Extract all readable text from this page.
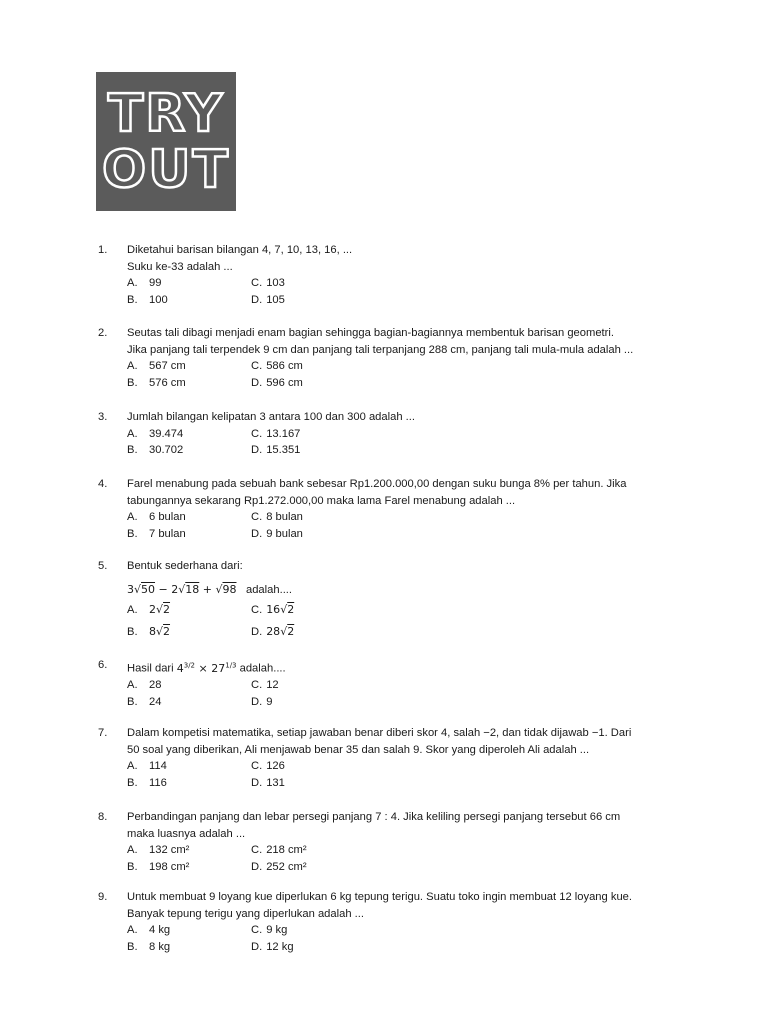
TRY
OUT
1. Diketahui barisan bilangan 4, 7, 10, 13, 16, ...
Suku ke-33 adalah ...
A. 99	C. 103
B. 100	D. 105
2. Seutas tali dibagi menjadi enam bagian sehingga bagian-bagiannya membentuk barisan geometri.
Jika panjang tali terpendek 9 cm dan panjang tali terpanjang 288 cm, panjang tali mula-mula adalah ...
A. 567 cm	C. 586 cm
B. 576 cm	D. 596 cm
3. Jumlah bilangan kelipatan 3 antara 100 dan 300 adalah ...
A. 39.474	C. 13.167
B. 30.702	D. 15.351
4. Farel menabung pada sebuah bank sebesar Rp1.200.000,00 dengan suku bunga 8% per tahun. Jika
tabungannya sekarang Rp1.272.000,00 maka lama Farel menabung adalah ...
A. 6 bulan	C. 8 bulan
B. 7 bulan	D. 9 bulan
5. Bentuk sederhana dari:
3√50 − 2√18 + √98 adalah....
A. 2√2	C. 16√2
B. 8√2	D. 28√2
6. Hasil dari $4^{3/2} \times 27^{1/3}$ adalah....
A. 28	C. 12
B. 24	D. 9
7. Dalam kompetisi matematika, setiap jawaban benar diberi skor 4, salah −2, dan tidak dijawab −1. Dari
50 soal yang diberikan, Ali menjawab benar 35 dan salah 9. Skor yang diperoleh Ali adalah ...
A. 114	C. 126
B. 116	D. 131
8. Perbandingan panjang dan lebar persegi panjang 7 : 4. Jika keliling persegi panjang tersebut 66 cm
maka luasnya adalah ...
A. 132 cm²	C. 218 cm²
B. 198 cm²	D. 252 cm²
9. Untuk membuat 9 loyang kue diperlukan 6 kg tepung terigu. Suatu toko ingin membuat 12 loyang kue.
Banyak tepung terigu yang diperlukan adalah ...
A. 4 kg	C. 9 kg
B. 8 kg	D. 12 kg
